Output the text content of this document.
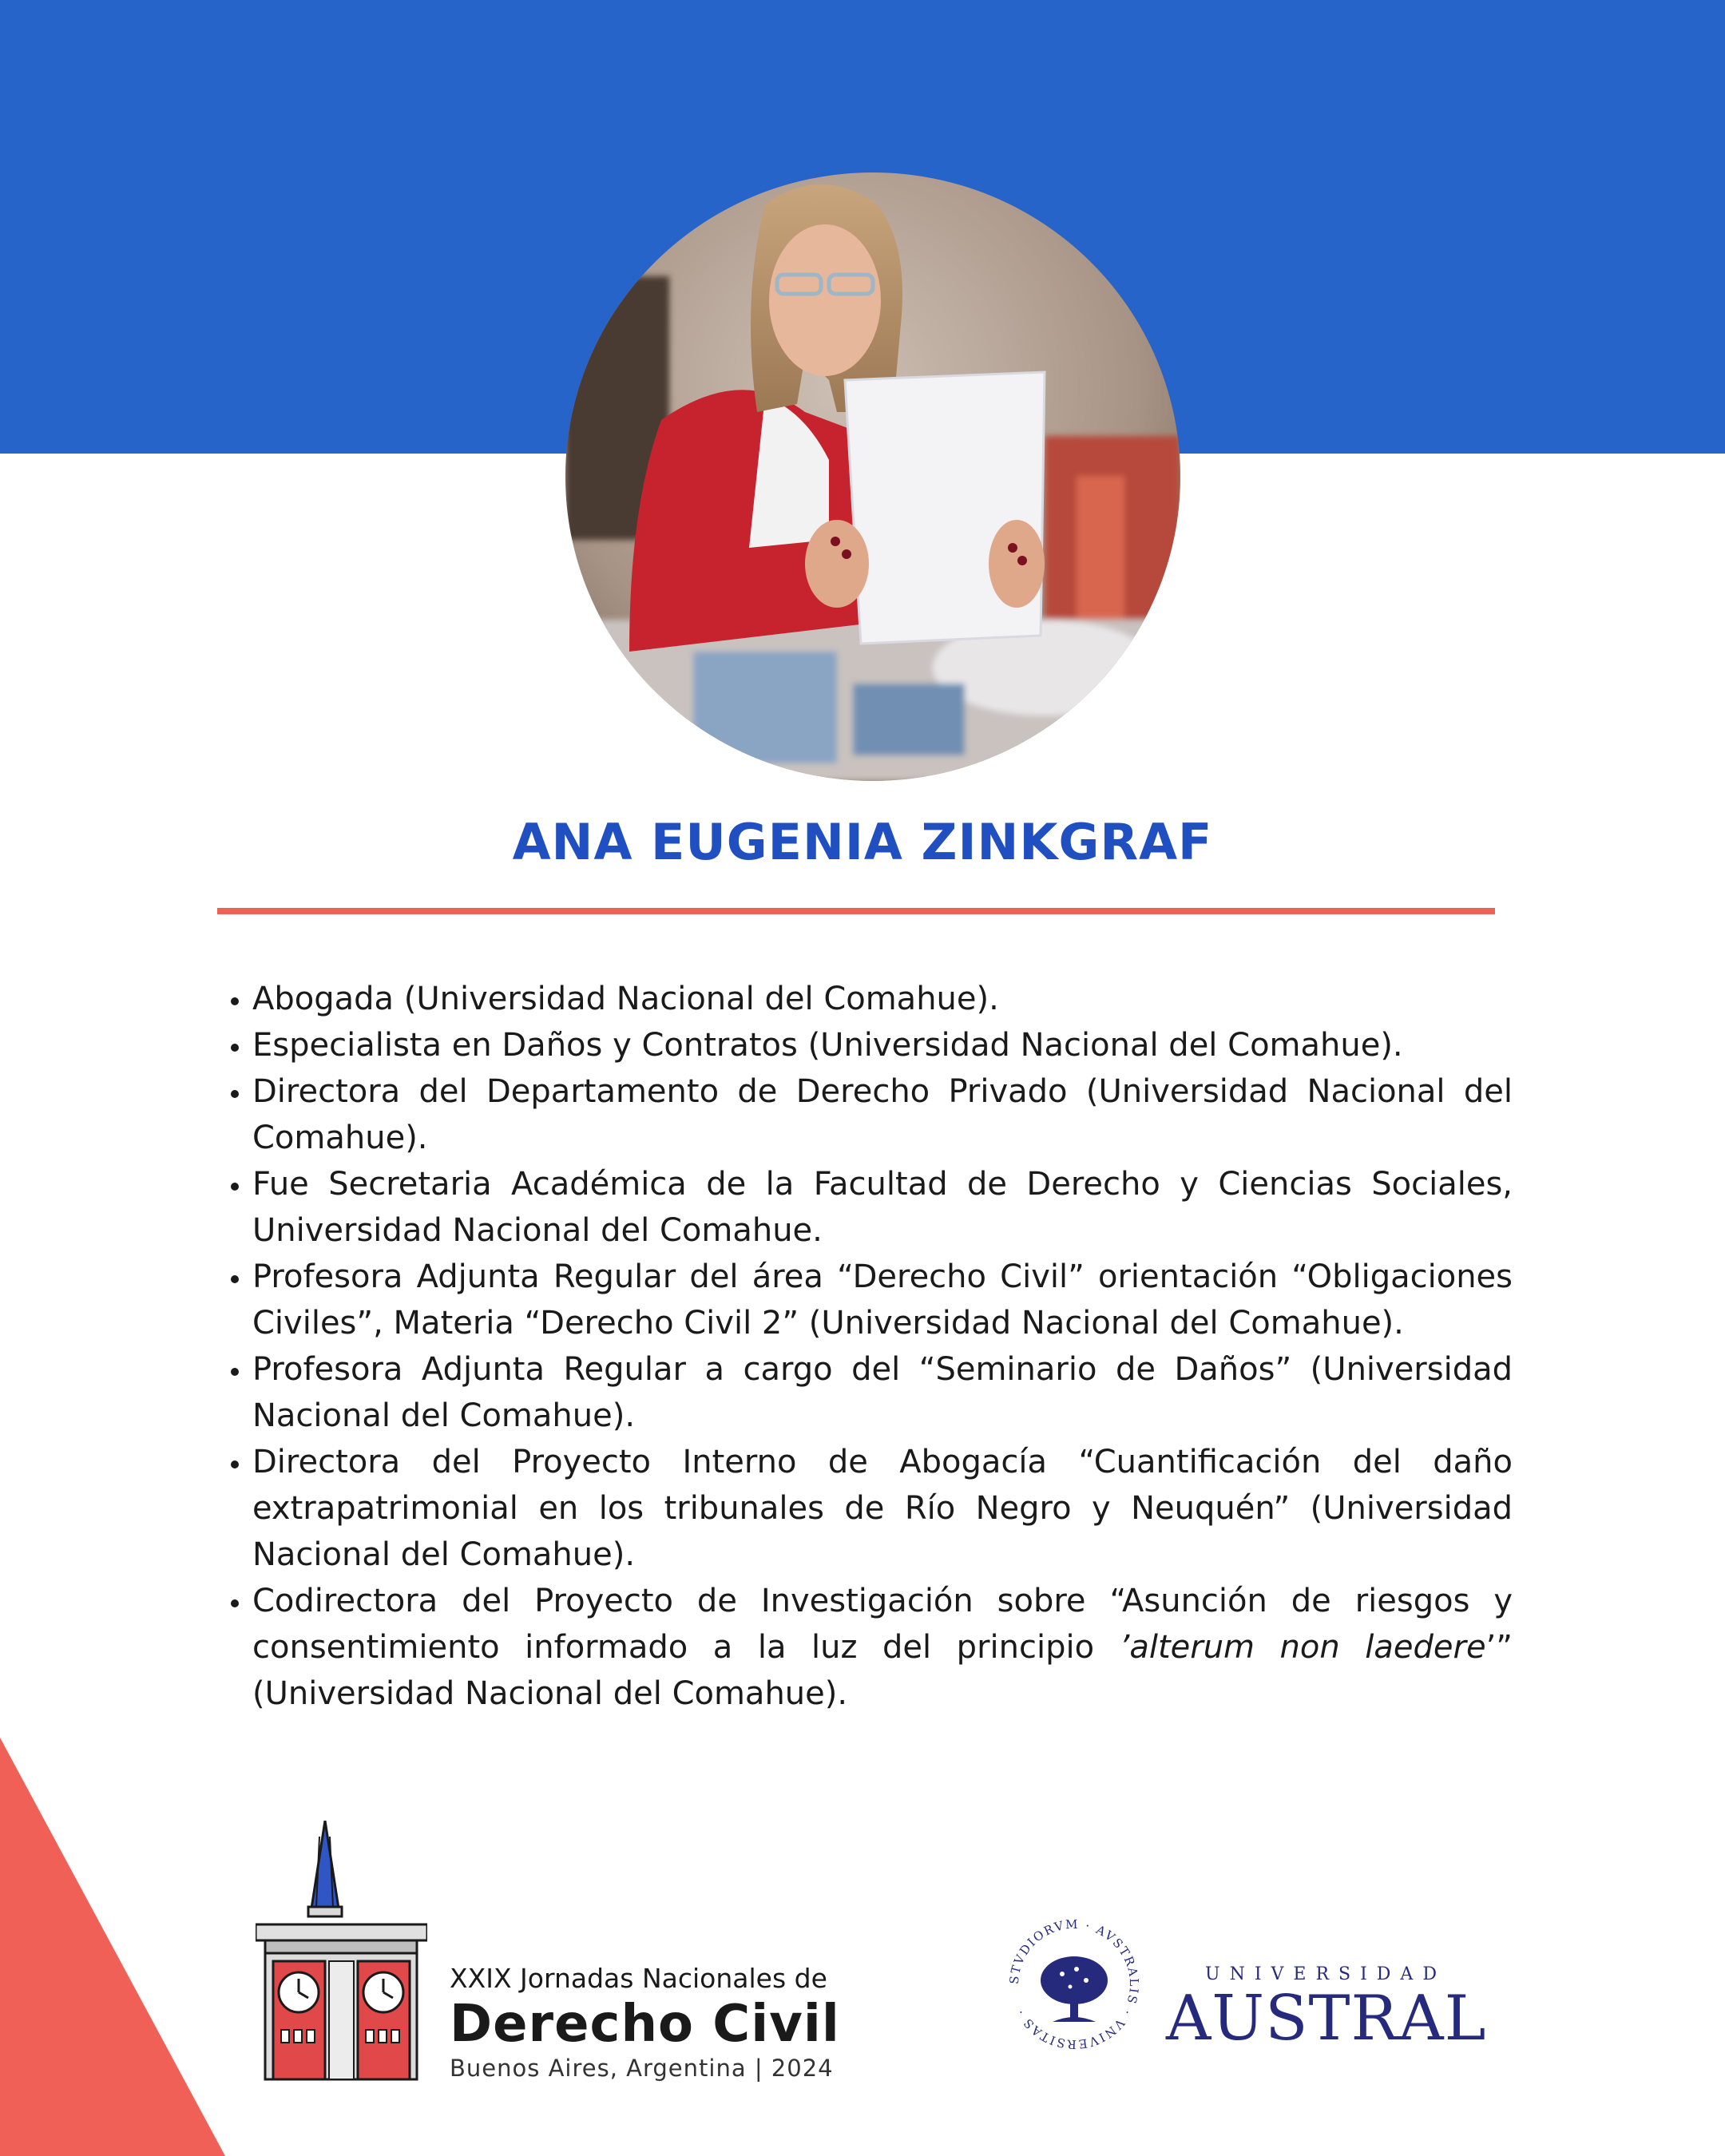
ANA EUGENIA ZINKGRAF
• Abogada (Universidad Nacional del Comahue).
• Especialista en Daños y Contratos (Universidad Nacional del Comahue).
• Directora del Departamento de Derecho Privado (Universidad Nacional del Comahue).
• Fue Secretaria Académica de la Facultad de Derecho y Ciencias Sociales, Universidad Nacional del Comahue.
• Profesora Adjunta Regular del área “Derecho Civil” orientación “Obligaciones Civiles”, Materia “Derecho Civil 2” (Universidad Nacional del Comahue).
• Profesora Adjunta Regular a cargo del “Seminario de Daños” (Universidad Nacional del Comahue).
• Directora del Proyecto Interno de Abogacía “Cuantificación del daño extrapatrimonial en los tribunales de Río Negro y Neuquén” (Universidad Nacional del Comahue).
• Codirectora del Proyecto de Investigación sobre “Asunción de riesgos y consentimiento informado a la luz del principio ’alterum non laedere’” (Universidad Nacional del Comahue).
XXIX Jornadas Nacionales de
Derecho Civil
Buenos Aires, Argentina | 2024
STVDIORVM · AVSTRALIS · VNIVERSITAS ·
UNIVERSIDAD
AUSTRAL
